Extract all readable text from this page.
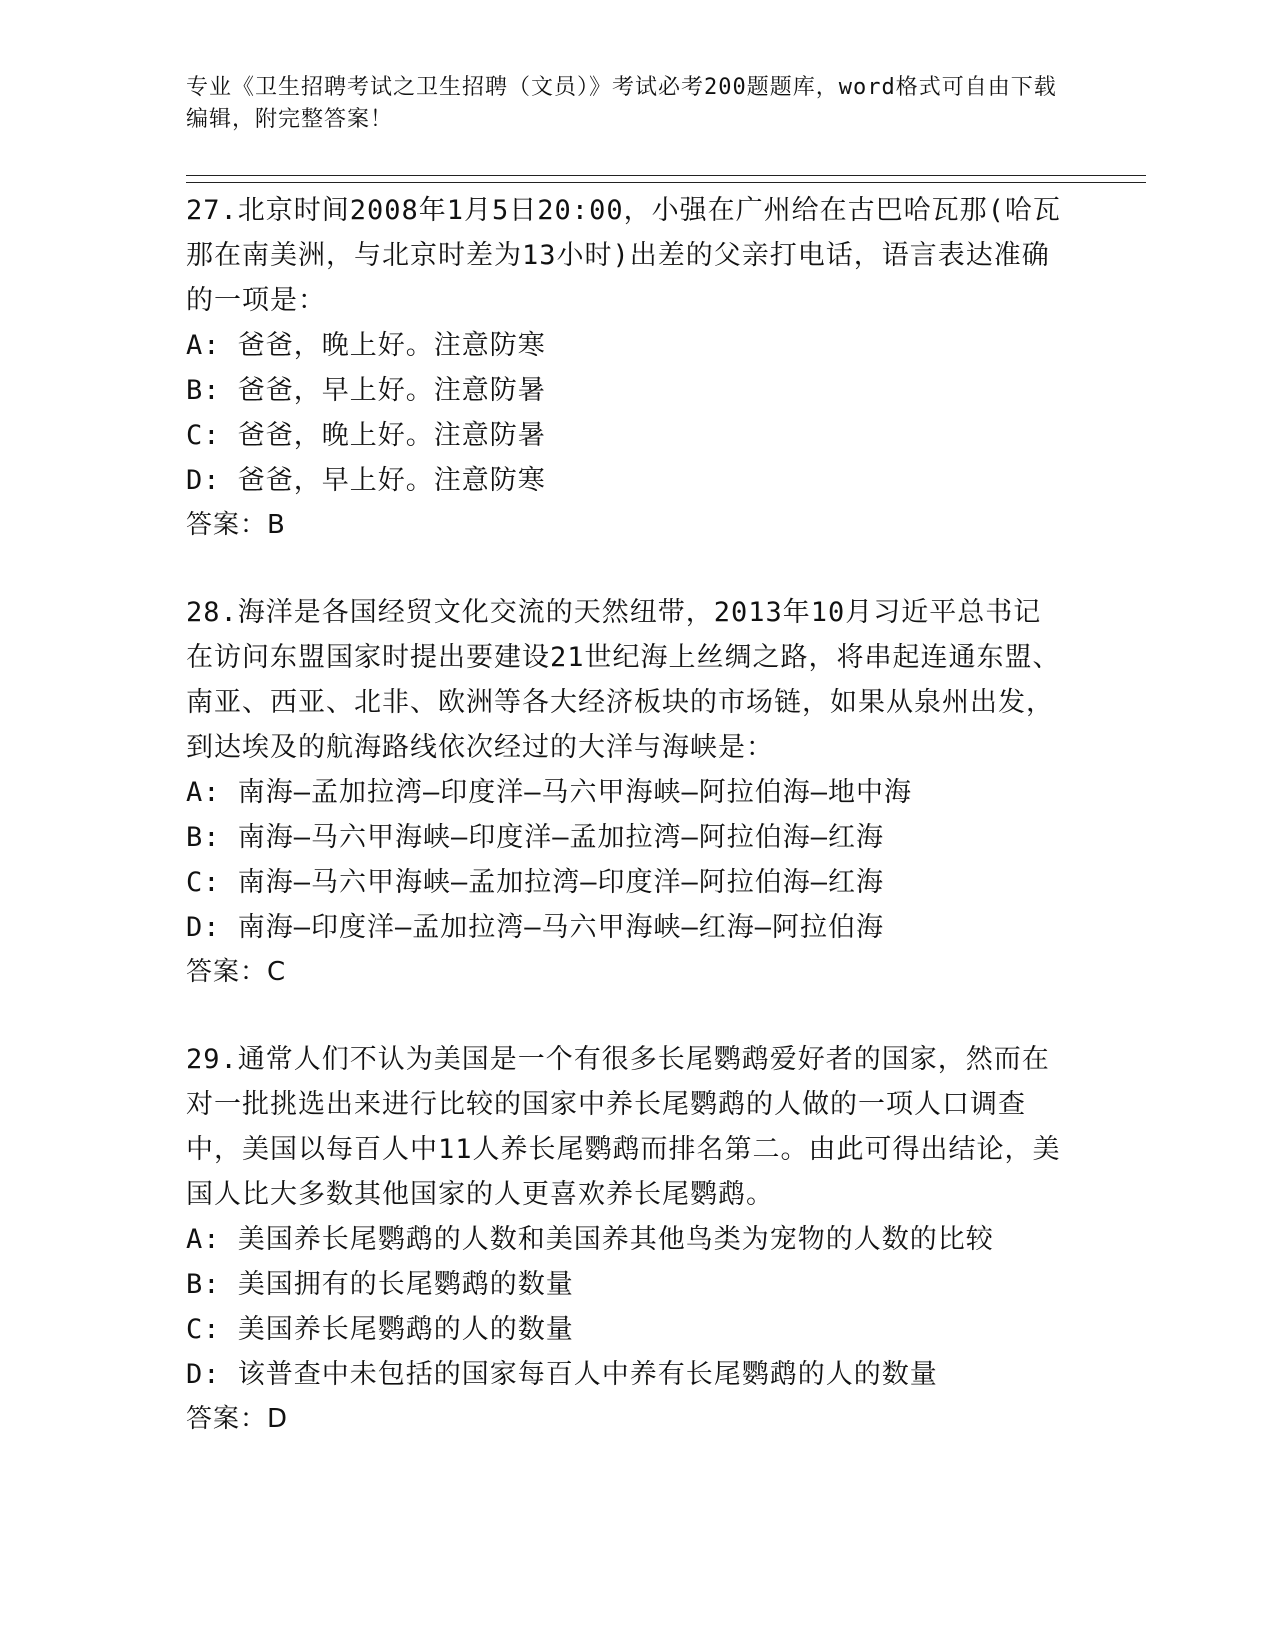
专业《卫生招聘考试之卫生招聘（文员）》考试必考200题题库，word格式可自由下载编辑，附完整答案！
27.北京时间2008年1月5日20:00，小强在广州给在古巴哈瓦那(哈瓦那在南美洲，与北京时差为13小时)出差的父亲打电话，语言表达准确的一项是：
A: 爸爸，晚上好。注意防寒
B: 爸爸，早上好。注意防暑
C: 爸爸，晚上好。注意防暑
D: 爸爸，早上好。注意防寒
答案：B
28.海洋是各国经贸文化交流的天然纽带，2013年10月习近平总书记在访问东盟国家时提出要建设21世纪海上丝绸之路，将串起连通东盟、南亚、西亚、北非、欧洲等各大经济板块的市场链，如果从泉州出发，到达埃及的航海路线依次经过的大洋与海峡是：
A: 南海—孟加拉湾—印度洋—马六甲海峡—阿拉伯海—地中海
B: 南海—马六甲海峡—印度洋—孟加拉湾—阿拉伯海—红海
C: 南海—马六甲海峡—孟加拉湾—印度洋—阿拉伯海—红海
D: 南海—印度洋—孟加拉湾—马六甲海峡—红海—阿拉伯海
答案：C
29.通常人们不认为美国是一个有很多长尾鹦鹉爱好者的国家，然而在对一批挑选出来进行比较的国家中养长尾鹦鹉的人做的一项人口调查中，美国以每百人中11人养长尾鹦鹉而排名第二。由此可得出结论，美国人比大多数其他国家的人更喜欢养长尾鹦鹉。
A: 美国养长尾鹦鹉的人数和美国养其他鸟类为宠物的人数的比较
B: 美国拥有的长尾鹦鹉的数量
C: 美国养长尾鹦鹉的人的数量
D: 该普查中未包括的国家每百人中养有长尾鹦鹉的人的数量
答案：D
